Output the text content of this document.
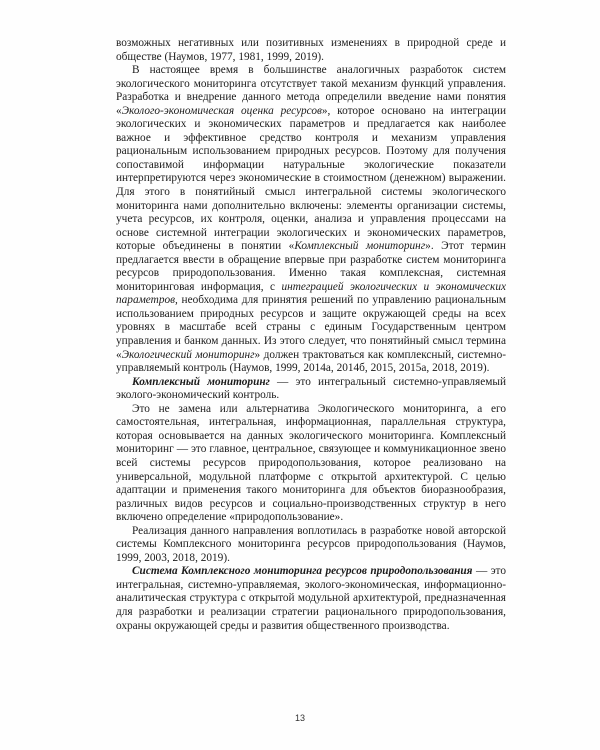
возможных негативных или позитивных изменениях в природной среде и обществе (Наумов, 1977, 1981, 1999, 2019).

В настоящее время в большинстве аналогичных разработок систем экологического мониторинга отсутствует такой механизм функций управления. Разработка и внедрение данного метода определили введение нами понятия «Эколого-экономическая оценка ресурсов», которое основано на интеграции экологических и экономических параметров и предлагается как наиболее важное и эффективное средство контроля и механизм управления рациональным использованием природных ресурсов. Поэтому для получения сопоставимой информации натуральные экологические показатели интерпретируются через экономические в стоимостном (денежном) выражении. Для этого в понятийный смысл интегральной системы экологического мониторинга нами дополнительно включены: элементы организации системы, учета ресурсов, их контроля, оценки, анализа и управления процессами на основе системной интеграции экологических и экономических параметров, которые объединены в понятии «Комплексный мониторинг». Этот термин предлагается ввести в обращение впервые при разработке систем мониторинга ресурсов природопользования. Именно такая комплексная, системная мониторинговая информация, с интеграцией экологических и экономических параметров, необходима для принятия решений по управлению рациональным использованием природных ресурсов и защите окружающей среды на всех уровнях в масштабе всей страны с единым Государственным центром управления и банком данных. Из этого следует, что понятийный смысл термина «Экологический мониторинг» должен трактоваться как комплексный, системно-управляемый контроль (Наумов, 1999, 2014а, 2014б, 2015, 2015а, 2018, 2019).

Комплексный мониторинг — это интегральный системно-управляемый эколого-экономический контроль.

Это не замена или альтернатива Экологического мониторинга, а его самостоятельная, интегральная, информационная, параллельная структура, которая основывается на данных экологического мониторинга. Комплексный мониторинг — это главное, центральное, связующее и коммуникационное звено всей системы ресурсов природопользования, которое реализовано на универсальной, модульной платформе с открытой архитектурой. С целью адаптации и применения такого мониторинга для объектов биоразнообразия, различных видов ресурсов и социально-производственных структур в него включено определение «природопользование».

Реализация данного направления воплотилась в разработке новой авторской системы Комплексного мониторинга ресурсов природопользования (Наумов, 1999, 2003, 2018, 2019).

Система Комплексного мониторинга ресурсов природопользования — это интегральная, системно-управляемая, эколого-экономическая, информационно-аналитическая структура с открытой модульной архитектурой, предназначенная для разработки и реализации стратегии рационального природопользования, охраны окружающей среды и развития общественного производства.

13
